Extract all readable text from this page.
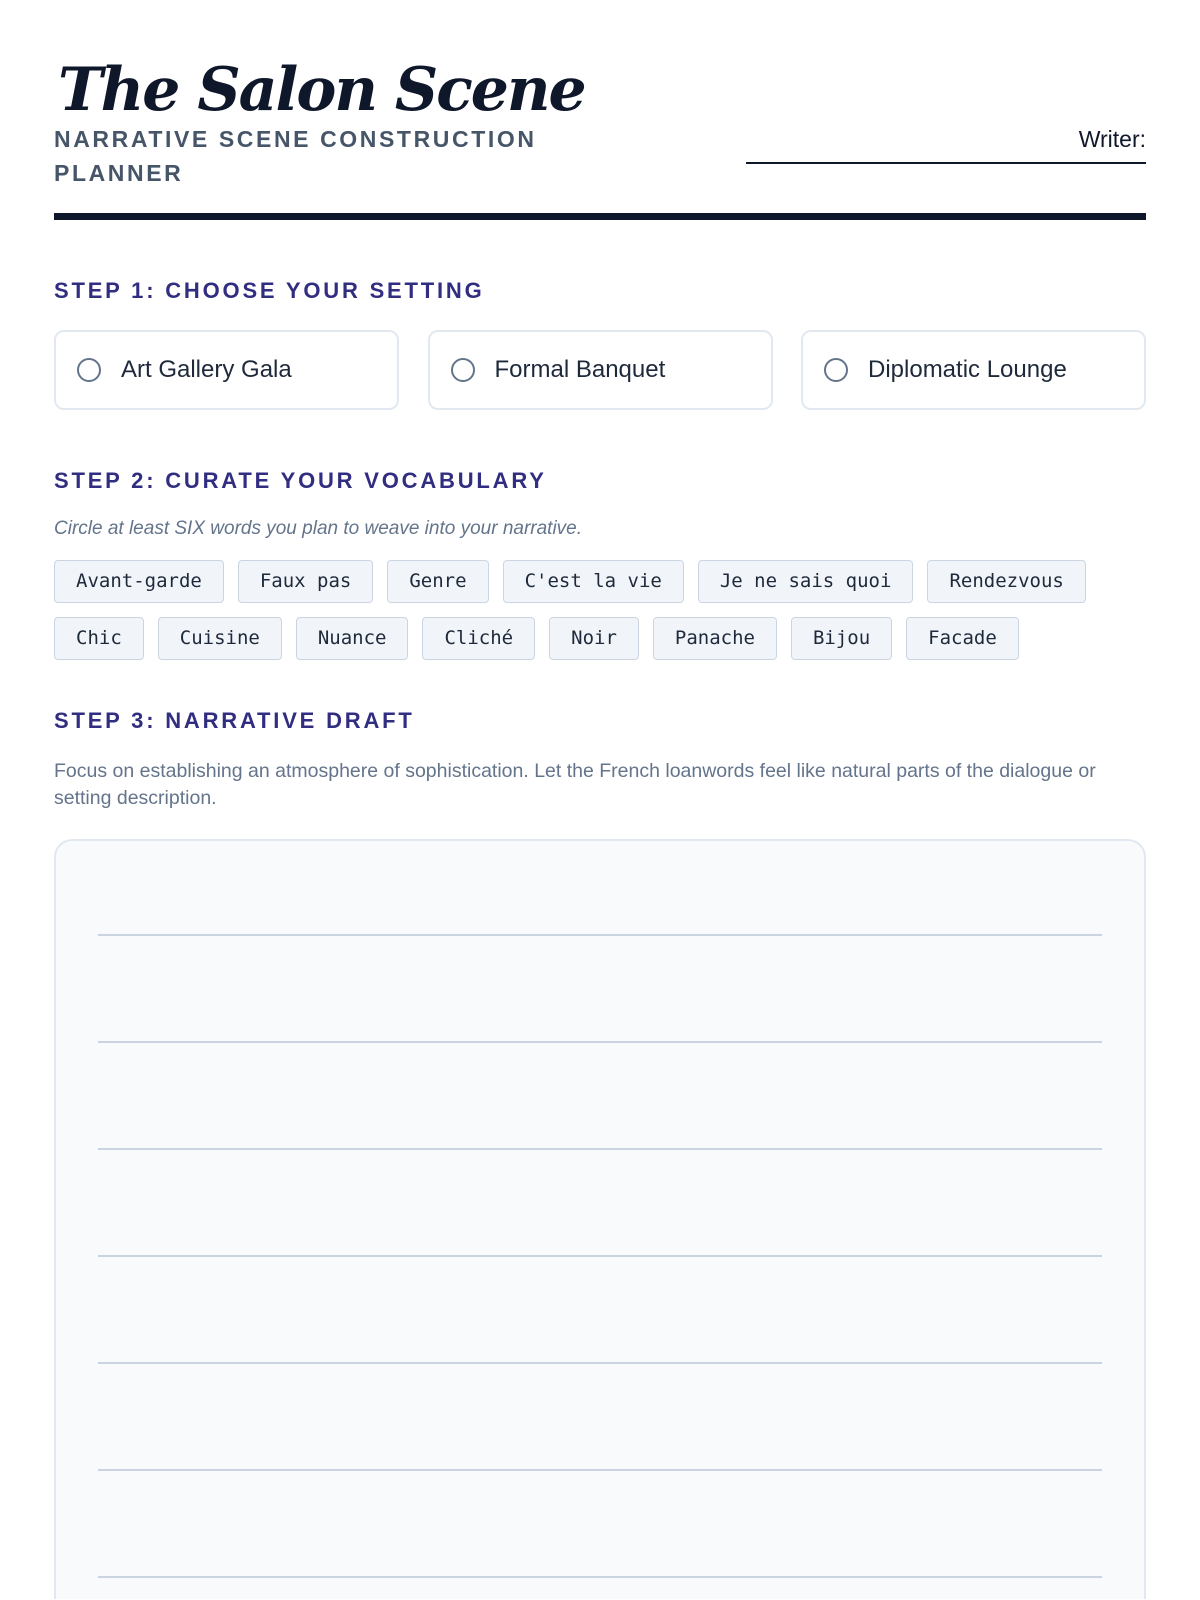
The Salon Scene

NARRATIVE SCENE CONSTRUCTION PLANNER

Writer:
STEP 1: CHOOSE YOUR SETTING
Art Gallery Gala	Formal Banquet	Diplomatic Lounge
STEP 2: CURATE YOUR VOCABULARY

Circle at least SIX words you plan to weave into your narrative.

Avant-garde	Faux pas	Genre	C'est la vie	Je ne sais quoi	Rendezvous
Chic	Cuisine	Nuance	Cliché	Noir	Panache	Bijou	Facade
STEP 3: NARRATIVE DRAFT

Focus on establishing an atmosphere of sophistication. Let the French loanwords feel like natural parts of the dialogue or setting description.
